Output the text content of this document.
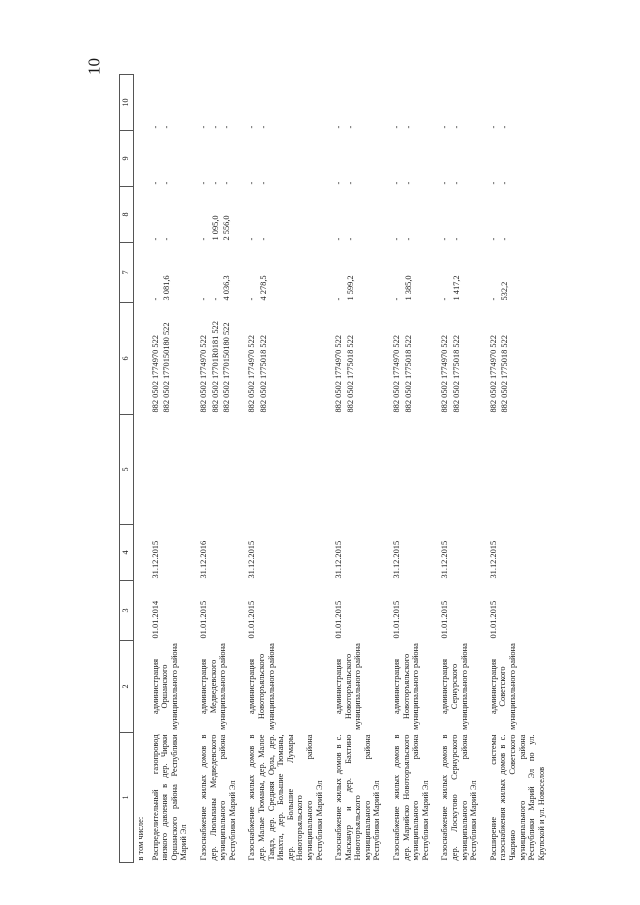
10
1	2	3	4	5	6	7	8	9	10
в том числе:									
Распределительный газопровод низкого давления в дер. Чирки Оршанского района Республики Марий Эл	администрация Оршанского муниципального района	01.01.2014	31.12.2015		882 0502 1774970 522 882 0502 1770150180 522	- 3 081,6	- -	- -	- -

Газоснабжение жилых домов в дер. Люльпаны Медведевского муниципального района Республики Марий Эл	администрация Медведевского муниципального района	01.01.2015	31.12.2016		882 0502 1774970 522 882 0502 17701R0181 522 882 0502 1770150180 522	- - 4 036,3	- 1 095,0 2 556,0	- - -	- - -

Газоснабжение жилых домов в дер. Малые Тюманы, дер. Малое Тавдэ, дер. Средняя Орла, дер. Ивахта, дер. Большие Тюманы, дер. Большие Лумары Новоторъяльского муниципального района Республики Марий Эл	администрация Новоторъяльского муниципального района	01.01.2015	31.12.2015		882 0502 1774970 522 882 0502 1775018 522	- 4 278,5	- -	- -	- -

Газоснабжение жилых домов в с. Масканур и дер. Бахтино Новоторъяльского муниципального района Республики Марий Эл	администрация Новоторъяльского муниципального района	01.01.2015	31.12.2015		882 0502 1774970 522 882 0502 1775018 522	- 1 599,2	- -	- -	- -

Газоснабжение жилых домов в дер. Марийско Новоторъяльского муниципального района Республики Марий Эл	администрация Новоторъяльского муниципального района	01.01.2015	31.12.2015		882 0502 1774970 522 882 0502 1775018 522	- 1 385,0	- -	- -	- -

Газоснабжение жилых домов в дер. Лоскутово Сернурского муниципального района Республики Марий Эл	администрация Сернурского муниципального района	01.01.2015	31.12.2015		882 0502 1774970 522 882 0502 1775018 522	- 1 417,2	- -	- -	- -

Расширение системы газоснабжения жилых домов в с. Чкарино Советского муниципального района Республики Марий Эл по ул. Крупской и ул. Новоселов	администрация Советского муниципального района	01.01.2015	31.12.2015		882 0502 1774970 522 882 0502 1775018 522	- 532,2	- -	- -	- -
